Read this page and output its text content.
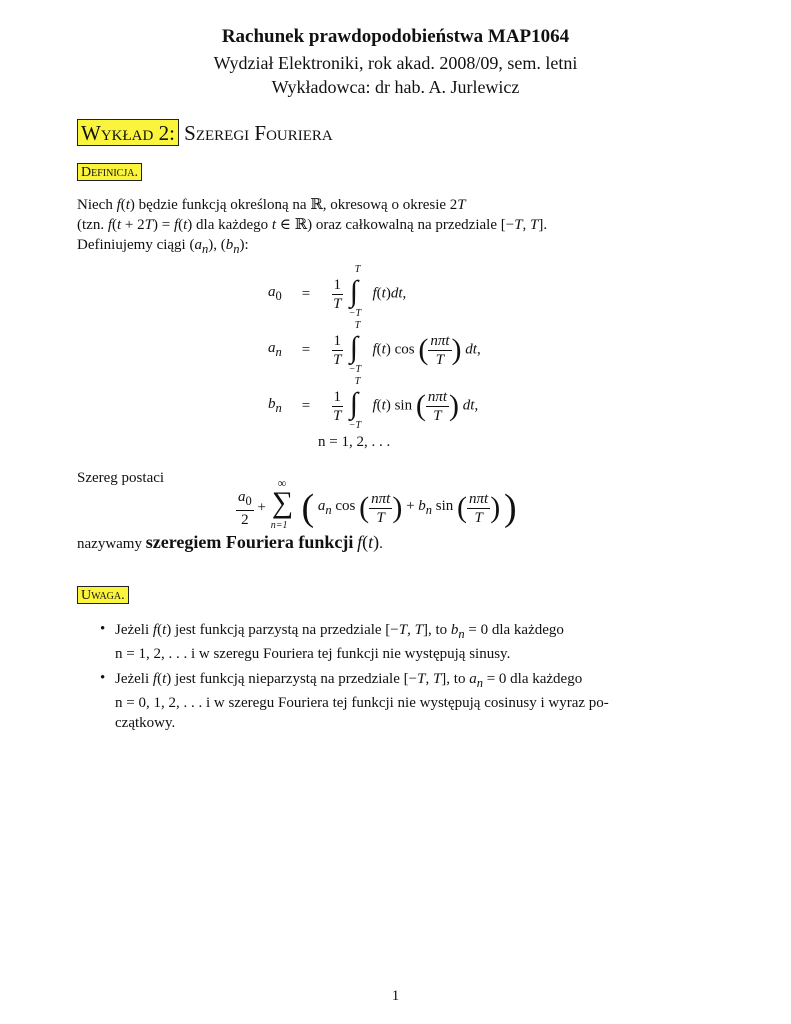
Rachunek prawdopodobieństwa MAP1064
Wydział Elektroniki, rok akad. 2008/09, sem. letni
Wykładowca: dr hab. A. Jurlewicz
Wykład 2: Szeregi Fouriera
Definicja.
Niech f(t) będzie funkcją określoną na ℝ, okresową o okresie 2T
(tzn. f(t + 2T) = f(t) dla każdego t ∈ ℝ) oraz całkowalną na przedziale [−T, T].
Definiujemy ciągi $(a_n)$, $(b_n)$:
$a_0 = \frac{1}{T}$

T
∫
−T
f(t)dt,
$a_n = \frac{1}{T}$

T
∫
−T
f(t) cos ( $\frac{\text{nπt}}{T}$ ) dt,
$b_n = \frac{1}{T}$

T
∫
−T
f(t) sin ( $\frac{\text{nπt}}{T}$ ) dt,
n = 1, 2, . . .
Szereg postaci
$\frac{a_0}{2}$ +
∞
∑
n=1 ( $a_n$ cos ( $\frac{\text{nπt}}{T}$ ) + $b_n$ sin ( $\frac{\text{nπt}}{T}$ ) )
nazywamy szeregiem Fouriera funkcji f(t).
Uwaga.
• Jeżeli f(t) jest funkcją parzystą na przedziale [−T, T], to $b_n = 0$ dla każdego
n = 1, 2, . . . i w szeregu Fouriera tej funkcji nie występują sinusy.
• Jeżeli f(t) jest funkcją nieparzystą na przedziale [−T, T], to $a_n = 0$ dla każdego
n = 0, 1, 2, . . . i w szeregu Fouriera tej funkcji nie występują cosinusy i wyraz po-
czątkowy.
1
